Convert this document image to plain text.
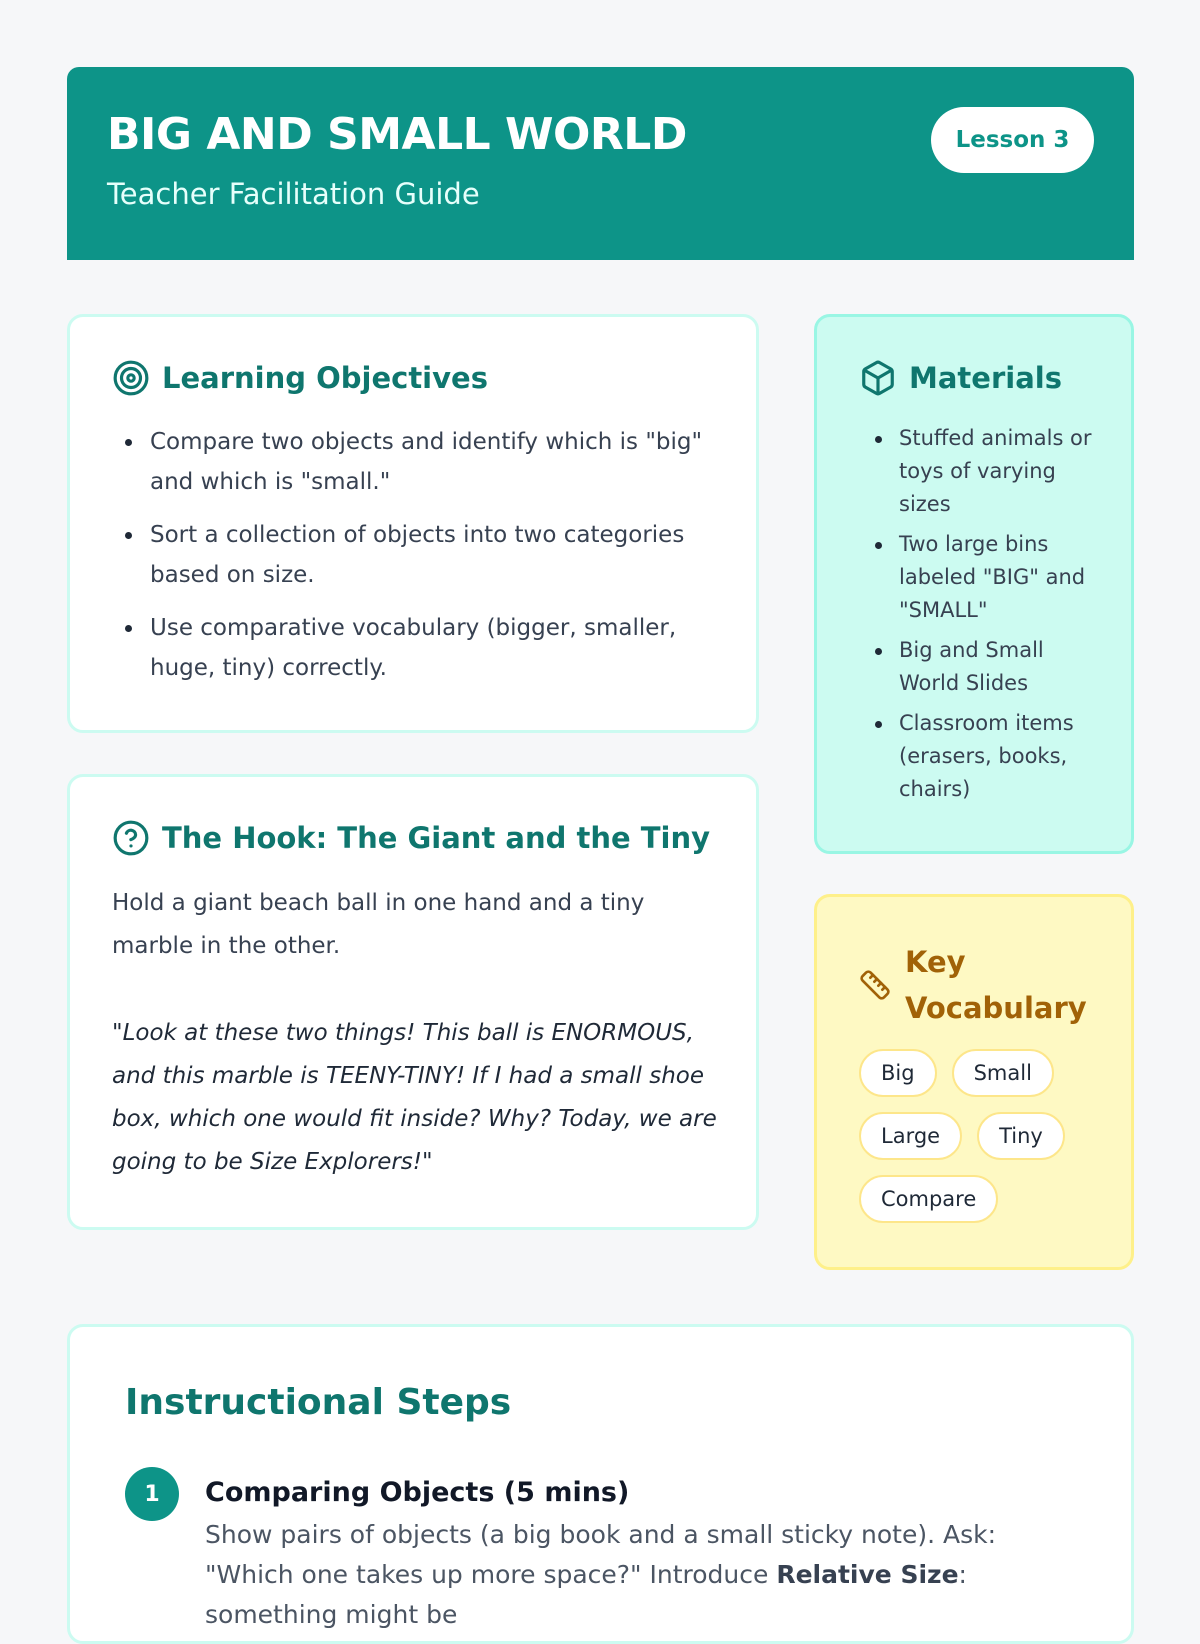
BIG AND SMALL WORLD
Teacher Facilitation Guide
Lesson 3
Learning Objectives
Compare two objects and identify which is "big" and which is "small."
Sort a collection of objects into two categories based on size.
Use comparative vocabulary (bigger, smaller, huge, tiny) correctly.
The Hook: The Giant and the Tiny
Hold a giant beach ball in one hand and a tiny marble in the other.
"Look at these two things! This ball is ENORMOUS, and this marble is TEENY-TINY! If I had a small shoe box, which one would fit inside? Why? Today, we are going to be Size Explorers!"
Materials
Stuffed animals or toys of varying sizes
Two large bins labeled "BIG" and "SMALL"
Big and Small World Slides
Classroom items (erasers, books, chairs)
Key Vocabulary
Big	Small
Large	Tiny
Compare
Instructional Steps
1	Comparing Objects (5 mins)
Show pairs of objects (a big book and a small sticky note). Ask: "Which one takes up more space?" Introduce Relative Size: something might be
